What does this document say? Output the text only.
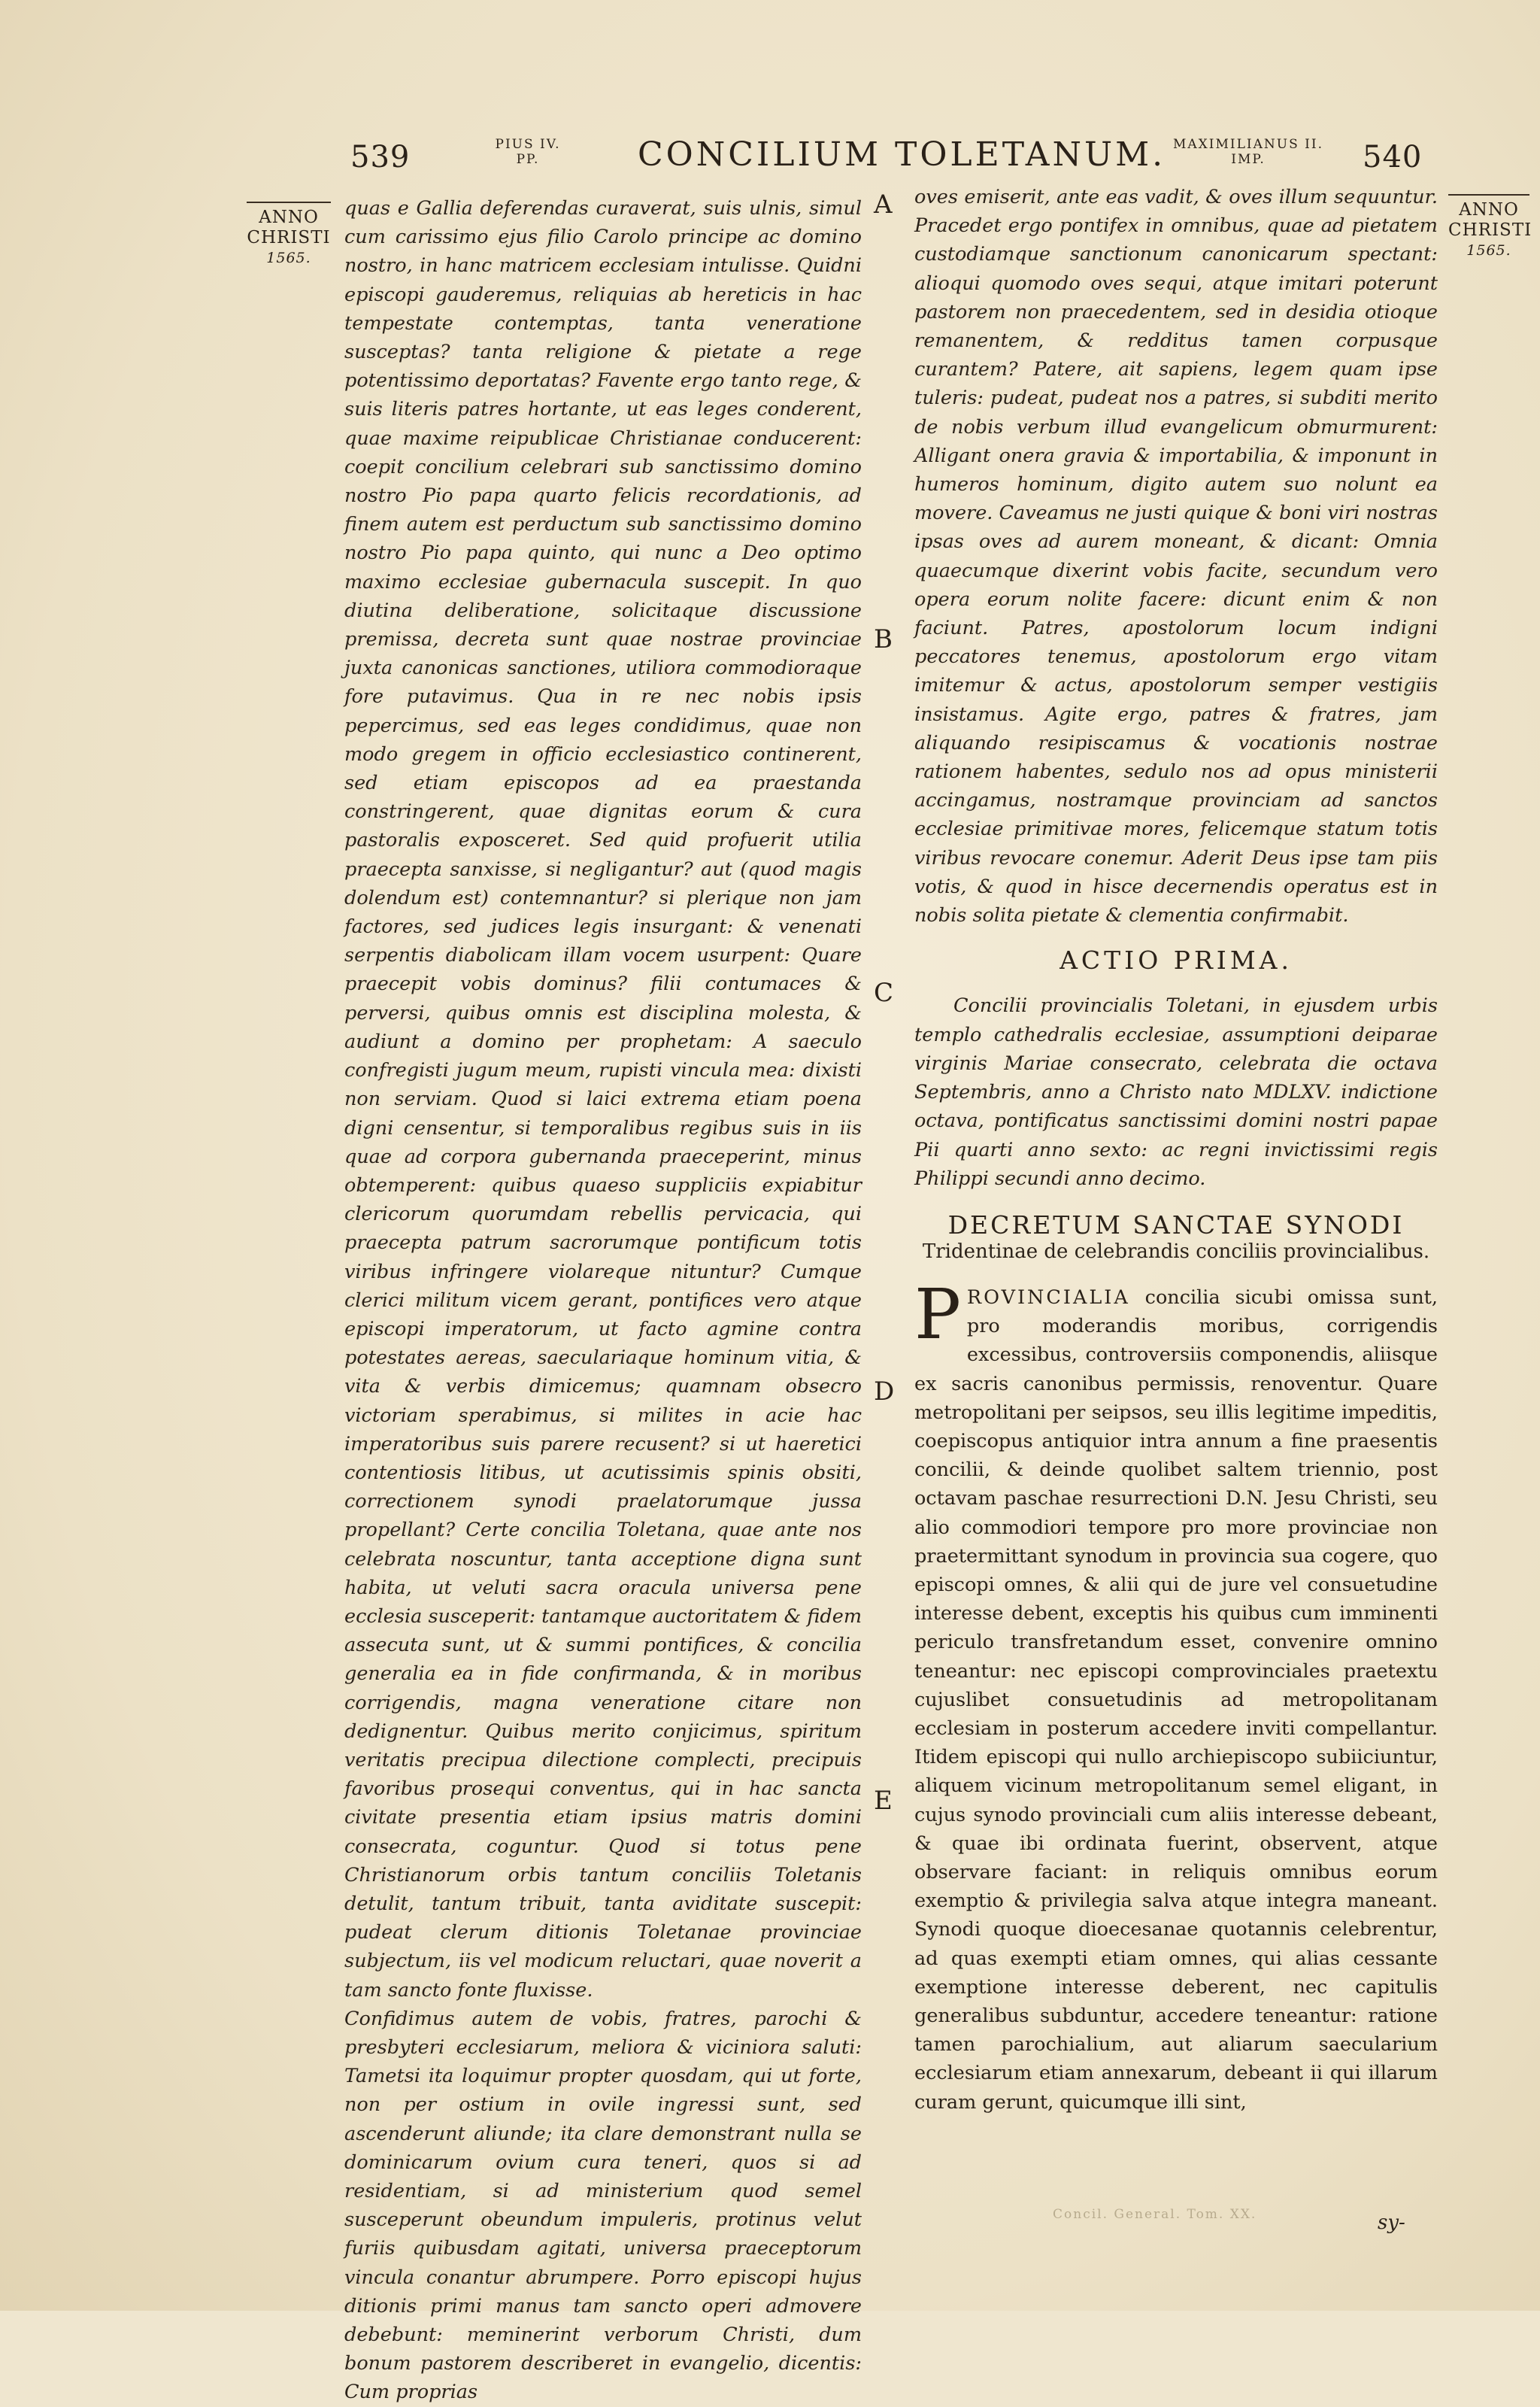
539	PIUS IV. PP.	CONCILIUM TOLETANUM. MAXIMILIANUS II. IMP.	540
ANNO
CHRISTI
1565.
ANNO
CHRISTI
1565.

quas e Gallia deferendas curaverat, suis ulnis, simul cum carissimo ejus filio Carolo principe ac domino nostro, in hanc matricem ecclesiam intulisse. Quidni episcopi gauderemus, reliquias ab hereticis in hac tempestate contemptas, tanta veneratione susceptas? tanta religione & pietate a rege potentissimo deportatas? Favente ergo tanto rege, & suis literis patres hortante, ut eas leges conderent, quae maxime reipublicae Christianae conducerent: coepit concilium celebrari sub sanctissimo domino nostro Pio papa quarto felicis recordationis, ad finem autem est perductum sub sanctissimo domino nostro Pio papa quinto, qui nunc a Deo optimo maximo ecclesiae gubernacula suscepit. In quo diutina deliberatione, solicitaque discussione premissa, decreta sunt quae nostrae provinciae juxta canonicas sanctiones, utiliora commodioraque fore putavimus. Qua in re nec nobis ipsis pepercimus, sed eas leges condidimus, quae non modo gregem in officio ecclesiastico continerent, sed etiam episcopos ad ea praestanda constringerent, quae dignitas eorum & cura pastoralis exposceret. Sed quid profuerit utilia praecepta sanxisse, si negligantur? aut (quod magis dolendum est) contemnantur? si plerique non jam factores, sed judices legis insurgant: & venenati serpentis diabolicam illam vocem usurpent: Quare praecepit vobis dominus? filii contumaces & perversi, quibus omnis est disciplina molesta, & audiunt a domino per prophetam: A saeculo confregisti jugum meum, rupisti vincula mea: dixisti non serviam. Quod si laici extrema etiam poena digni censentur, si temporalibus regibus suis in iis quae ad corpora gubernanda praeceperint, minus obtemperent: quibus quaeso suppliciis expiabitur clericorum quorumdam rebellis pervicacia, qui praecepta patrum sacrorumque pontificum totis viribus infringere violareque nituntur? Cumque clerici militum vicem gerant, pontifices vero atque episcopi imperatorum, ut facto agmine contra potestates aereas, saeculariaque hominum vitia, & vita & verbis dimicemus; quamnam obsecro victoriam sperabimus, si milites in acie hac imperatoribus suis parere recusent? si ut haeretici contentiosis litibus, ut acutissimis spinis obsiti, correctionem synodi praelatorumque jussa propellant? Certe concilia Toletana, quae ante nos celebrata noscuntur, tanta acceptione digna sunt habita, ut veluti sacra oracula universa pene ecclesia susceperit: tantamque auctoritatem & fidem assecuta sunt, ut & summi pontifices, & concilia generalia ea in fide confirmanda, & in moribus corrigendis, magna veneratione citare non dedignentur. Quibus merito conjicimus, spiritum veritatis precipua dilectione complecti, precipuis favoribus prosequi conventus, qui in hac sancta civitate presentia etiam ipsius matris domini consecrata, coguntur. Quod si totus pene Christianorum orbis tantum conciliis Toletanis detulit, tantum tribuit, tanta aviditate suscepit: pudeat clerum ditionis Toletanae provinciae subjectum, iis vel modicum reluctari, quae noverit a tam sancto fonte fluxisse.

Confidimus autem de vobis, fratres, parochi & presbyteri ecclesiarum, meliora & viciniora saluti: Tametsi ita loquimur propter quosdam, qui ut forte, non per ostium in ovile ingressi sunt, sed ascenderunt aliunde; ita clare demonstrant nulla se dominicarum ovium cura teneri, quos si ad residentiam, si ad ministerium quod semel susceperunt obeundum impuleris, protinus velut furiis quibusdam agitati, universa praeceptorum vincula conantur abrumpere. Porro episcopi hujus ditionis primi manus tam sancto operi admovere debebunt: meminerint verborum Christi, dum bonum pastorem describeret in evangelio, dicentis: Cum proprias

A
B
C
D
E

oves emiserit, ante eas vadit, & oves illum sequuntur. Pracedet ergo pontifex in omnibus, quae ad pietatem custodiamque sanctionum canonicarum spectant: alioqui quomodo oves sequi, atque imitari poterunt pastorem non praecedentem, sed in desidia otioque remanentem, & redditus tamen corpusque curantem? Patere, ait sapiens, legem quam ipse tuleris: pudeat, pudeat nos a patres, si subditi merito de nobis verbum illud evangelicum obmurmurent: Alligant onera gravia & importabilia, & imponunt in humeros hominum, digito autem suo nolunt ea movere. Caveamus ne justi quique & boni viri nostras ipsas oves ad aurem moneant, & dicant: Omnia quaecumque dixerint vobis facite, secundum vero opera eorum nolite facere: dicunt enim & non faciunt. Patres, apostolorum locum indigni peccatores tenemus, apostolorum ergo vitam imitemur & actus, apostolorum semper vestigiis insistamus. Agite ergo, patres & fratres, jam aliquando resipiscamus & vocationis nostrae rationem habentes, sedulo nos ad opus ministerii accingamus, nostramque provinciam ad sanctos ecclesiae primitivae mores, felicemque statum totis viribus revocare conemur. Aderit Deus ipse tam piis votis, & quod in hisce decernendis operatus est in nobis solita pietate & clementia confirmabit.

ACTIO PRIMA.

Concilii provincialis Toletani, in ejusdem urbis templo cathedralis ecclesiae, assumptioni deiparae virginis Mariae consecrato, celebrata die octava Septembris, anno a Christo nato MDLXV. indictione octava, pontificatus sanctissimi domini nostri papae Pii quarti anno sexto: ac regni invictissimi regis Philippi secundi anno decimo.

DECRETUM SANCTAE SYNODI
Tridentinae de celebrandis conciliis provincialibus.

P ROVINCIALIA concilia sicubi omissa sunt, pro moderandis moribus, corrigendis excessibus, controversiis componendis, aliisque ex sacris canonibus permissis, renoventur. Quare metropolitani per seipsos, seu illis legitime impeditis, coepiscopus antiquior intra annum a fine praesentis concilii, & deinde quolibet saltem triennio, post octavam paschae resurrectioni D.N. Jesu Christi, seu alio commodiori tempore pro more provinciae non praetermittant synodum in provincia sua cogere, quo episcopi omnes, & alii qui de jure vel consuetudine interesse debent, exceptis his quibus cum imminenti periculo transfretandum esset, convenire omnino teneantur: nec episcopi comprovinciales praetextu cujuslibet consuetudinis ad metropolitanam ecclesiam in posterum accedere inviti compellantur. Itidem episcopi qui nullo archiepiscopo subiiciuntur, aliquem vicinum metropolitanum semel eligant, in cujus synodo provinciali cum aliis interesse debeant, & quae ibi ordinata fuerint, observent, atque observare faciant: in reliquis omnibus eorum exemptio & privilegia salva atque integra maneant. Synodi quoque dioecesanae quotannis celebrentur, ad quas exempti etiam omnes, qui alias cessante exemptione interesse deberent, nec capitulis generalibus subduntur, accedere teneantur: ratione tamen parochialium, aut aliarum saecularium ecclesiarum etiam annexarum, debeant ii qui illarum curam gerunt, quicumque illi sint,

Concil. General. Tom. XX.	sy-
